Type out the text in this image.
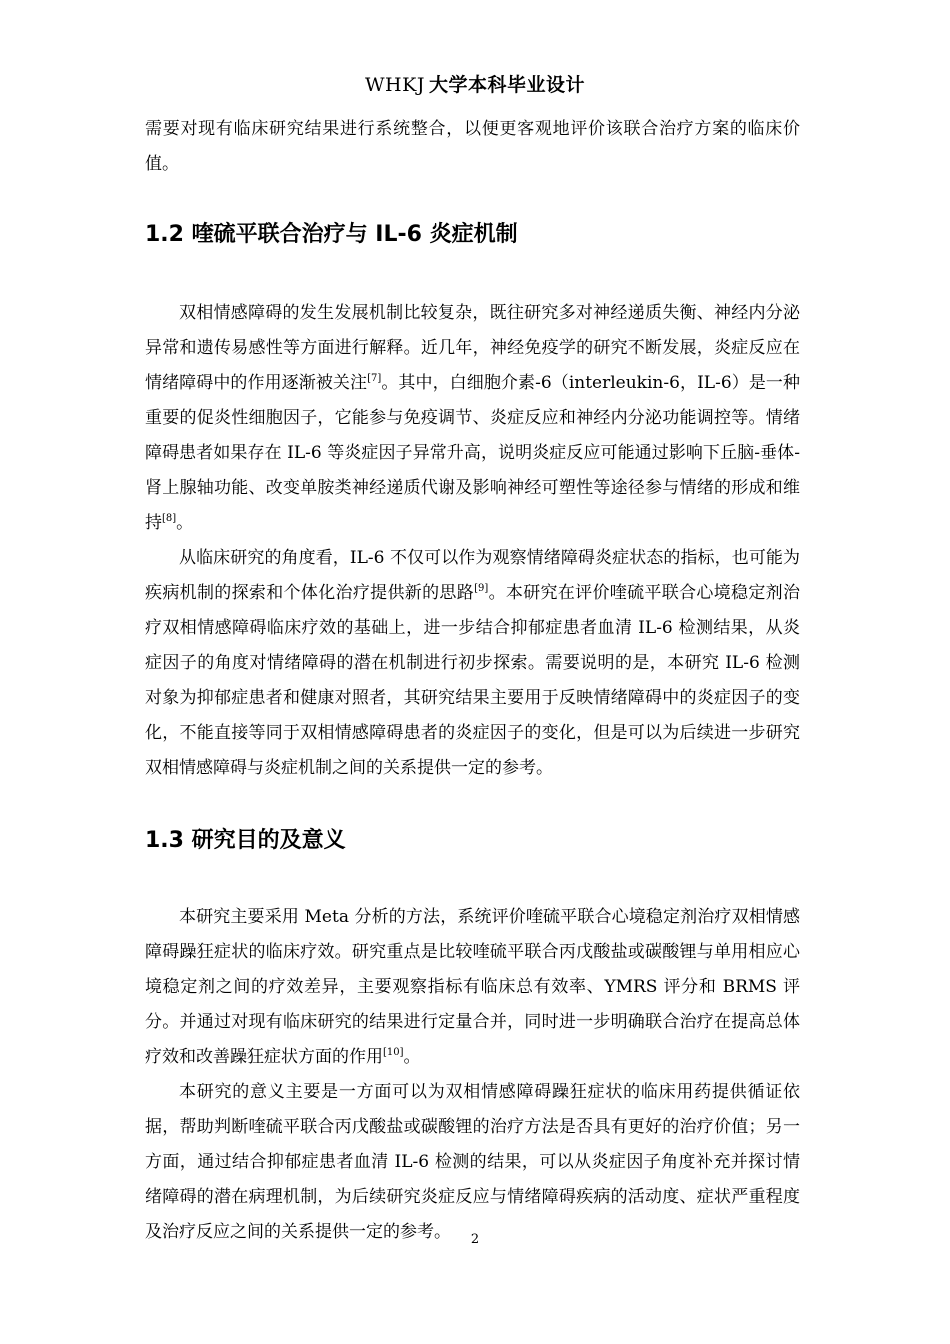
WHKJ 大学本科毕业设计

需要对现有临床研究结果进行系统整合，以便更客观地评价该联合治疗方案的临床价值。

1.2 喹硫平联合治疗与 IL-6 炎症机制

双相情感障碍的发生发展机制比较复杂，既往研究多对神经递质失衡、神经内分泌异常和遗传易感性等方面进行解释。近几年，神经免疫学的研究不断发展，炎症反应在情绪障碍中的作用逐渐被关注[7]。其中，白细胞介素-6（interleukin-6，IL-6）是一种重要的促炎性细胞因子，它能参与免疫调节、炎症反应和神经内分泌功能调控等。情绪障碍患者如果存在 IL-6 等炎症因子异常升高，说明炎症反应可能通过影响下丘脑-垂体-肾上腺轴功能、改变单胺类神经递质代谢及影响神经可塑性等途径参与情绪的形成和维持[8]。

从临床研究的角度看，IL-6 不仅可以作为观察情绪障碍炎症状态的指标，也可能为疾病机制的探索和个体化治疗提供新的思路[9]。本研究在评价喹硫平联合心境稳定剂治疗双相情感障碍临床疗效的基础上，进一步结合抑郁症患者血清 IL-6 检测结果，从炎症因子的角度对情绪障碍的潜在机制进行初步探索。需要说明的是，本研究 IL-6 检测对象为抑郁症患者和健康对照者，其研究结果主要用于反映情绪障碍中的炎症因子的变化，不能直接等同于双相情感障碍患者的炎症因子的变化，但是可以为后续进一步研究双相情感障碍与炎症机制之间的关系提供一定的参考。

1.3 研究目的及意义

本研究主要采用 Meta 分析的方法，系统评价喹硫平联合心境稳定剂治疗双相情感障碍躁狂症状的临床疗效。研究重点是比较喹硫平联合丙戊酸盐或碳酸锂与单用相应心境稳定剂之间的疗效差异，主要观察指标有临床总有效率、YMRS 评分和 BRMS 评分。并通过对现有临床研究的结果进行定量合并，同时进一步明确联合治疗在提高总体疗效和改善躁狂症状方面的作用[10]。

本研究的意义主要是一方面可以为双相情感障碍躁狂症状的临床用药提供循证依据，帮助判断喹硫平联合丙戊酸盐或碳酸锂的治疗方法是否具有更好的治疗价值；另一方面，通过结合抑郁症患者血清 IL-6 检测的结果，可以从炎症因子角度补充并探讨情绪障碍的潜在病理机制，为后续研究炎症反应与情绪障碍疾病的活动度、症状严重程度及治疗反应之间的关系提供一定的参考。	2
